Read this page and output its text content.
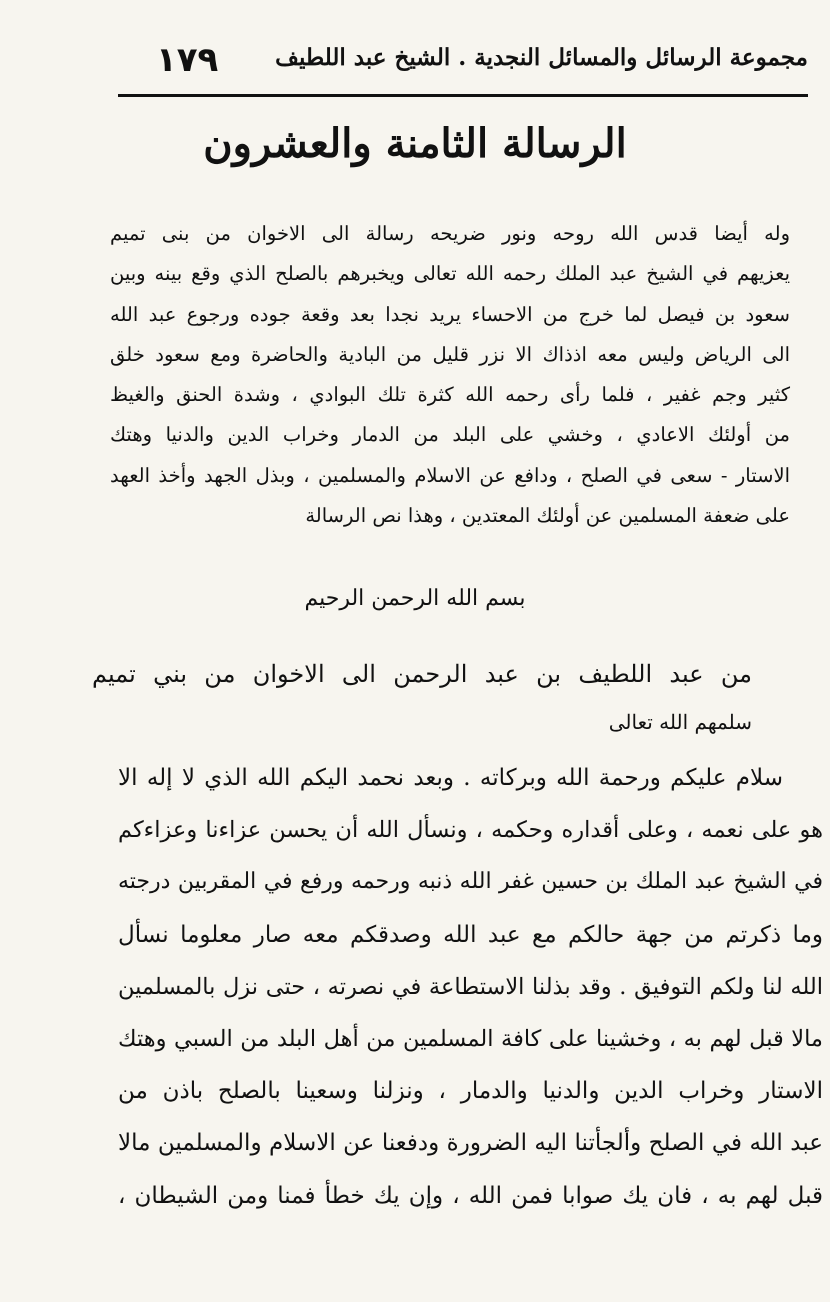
مجموعة الرسائل والمسائل النجدية . الشيخ عبد اللطيف
١٧٩
الرسالة الثامنة والعشرون
وله أيضا قدس الله روحه ونور ضريحه رسالة الى الاخوان من بنى تميم
يعزيهم في الشيخ عبد الملك رحمه الله تعالى ويخبرهم بالصلح الذي وقع بينه وبين
سعود بن فيصل لما خرج من الاحساء يريد نجدا بعد وقعة جوده ورجوع عبد الله
الى الرياض وليس معه اذذاك الا نزر قليل من البادية والحاضرة ومع سعود خلق
كثير وجم غفير ، فلما رأى رحمه الله كثرة تلك البوادي ، وشدة الحنق والغيظ
من أولئك الاعادي ، وخشي على البلد من الدمار وخراب الدين والدنيا وهتك
الاستار - سعى في الصلح ، ودافع عن الاسلام والمسلمين ، وبذل الجهد وأخذ العهد
على ضعفة المسلمين عن أولئك المعتدين ، وهذا نص الرسالة
بسم الله الرحمن الرحيم
من عبد اللطيف بن عبد الرحمن الى الاخوان من بني تميم
سلمهم الله تعالى
سلام عليكم ورحمة الله وبركاته . وبعد نحمد اليكم الله الذي لا إله الا
هو على نعمه ، وعلى أقداره وحكمه ، ونسأل الله أن يحسن عزاءنا وعزاءكم
في الشيخ عبد الملك بن حسين غفر الله ذنبه ورحمه ورفع في المقربين درجته
وما ذكرتم من جهة حالكم مع عبد الله وصدقكم معه صار معلوما نسأل
الله لنا ولكم التوفيق . وقد بذلنا الاستطاعة في نصرته ، حتى نزل بالمسلمين
مالا قبل لهم به ، وخشينا على كافة المسلمين من أهل البلد من السبي وهتك
الاستار وخراب الدين والدنيا والدمار ، ونزلنا وسعينا بالصلح باذن من
عبد الله في الصلح وألجأتنا اليه الضرورة ودفعنا عن الاسلام والمسلمين مالا
قبل لهم به ، فان يك صوابا فمن الله ، وإن يك خطأ فمنا ومن الشيطان ،
